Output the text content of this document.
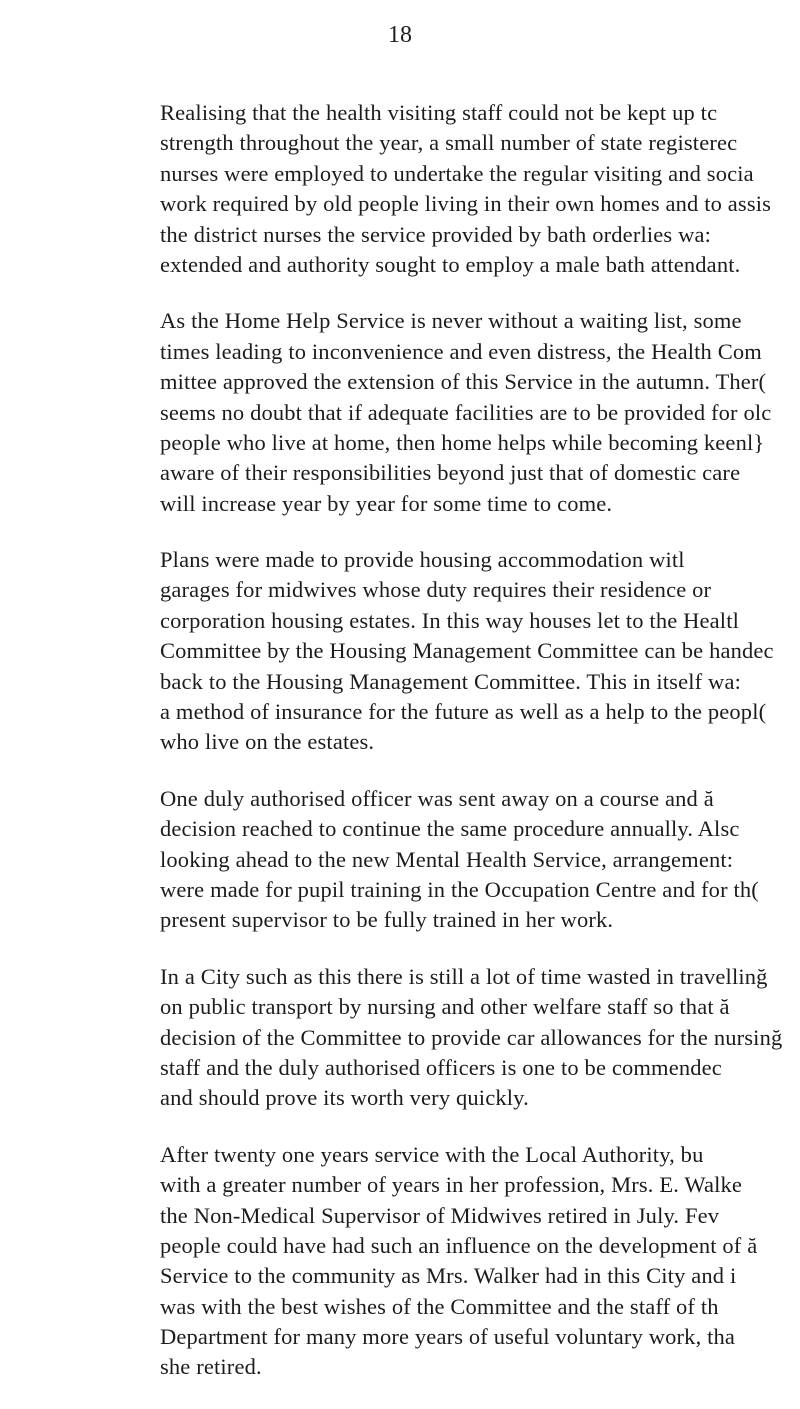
18
Realising that the health visiting staff could not be kept up tc
strength throughout the year, a small number of state registerec
nurses were employed to undertake the regular visiting and socia
work required by old people living in their own homes and to assis
the district nurses the service provided by bath orderlies wa:
extended and authority sought to employ a male bath attendant.
As the Home Help Service is never without a waiting list, some
times leading to inconvenience and even distress, the Health Com
mittee approved the extension of this Service in the autumn. Ther(
seems no doubt that if adequate facilities are to be provided for olc
people who live at home, then home helps while becoming keenl}
aware of their responsibilities beyond just that of domestic care
will increase year by year for some time to come.
Plans were made to provide housing accommodation witl
garages for midwives whose duty requires their residence or
corporation housing estates. In this way houses let to the Healtl
Committee by the Housing Management Committee can be handec
back to the Housing Management Committee. This in itself wa:
a method of insurance for the future as well as a help to the peopl(
who live on the estates.
One duly authorised officer was sent away on a course and ă
decision reached to continue the same procedure annually. Alsc
looking ahead to the new Mental Health Service, arrangement:
were made for pupil training in the Occupation Centre and for th(
present supervisor to be fully trained in her work.
In a City such as this there is still a lot of time wasted in travellinğ
on public transport by nursing and other welfare staff so that ă
decision of the Committee to provide car allowances for the nursinğ
staff and the duly authorised officers is one to be commendec
and should prove its worth very quickly.
After twenty one years service with the Local Authority, bu
with a greater number of years in her profession, Mrs. E. Walke
the Non-Medical Supervisor of Midwives retired in July. Fev
people could have had such an influence on the development of ă
Service to the community as Mrs. Walker had in this City and i
was with the best wishes of the Committee and the staff of th
Department for many more years of useful voluntary work, tha
she retired.
